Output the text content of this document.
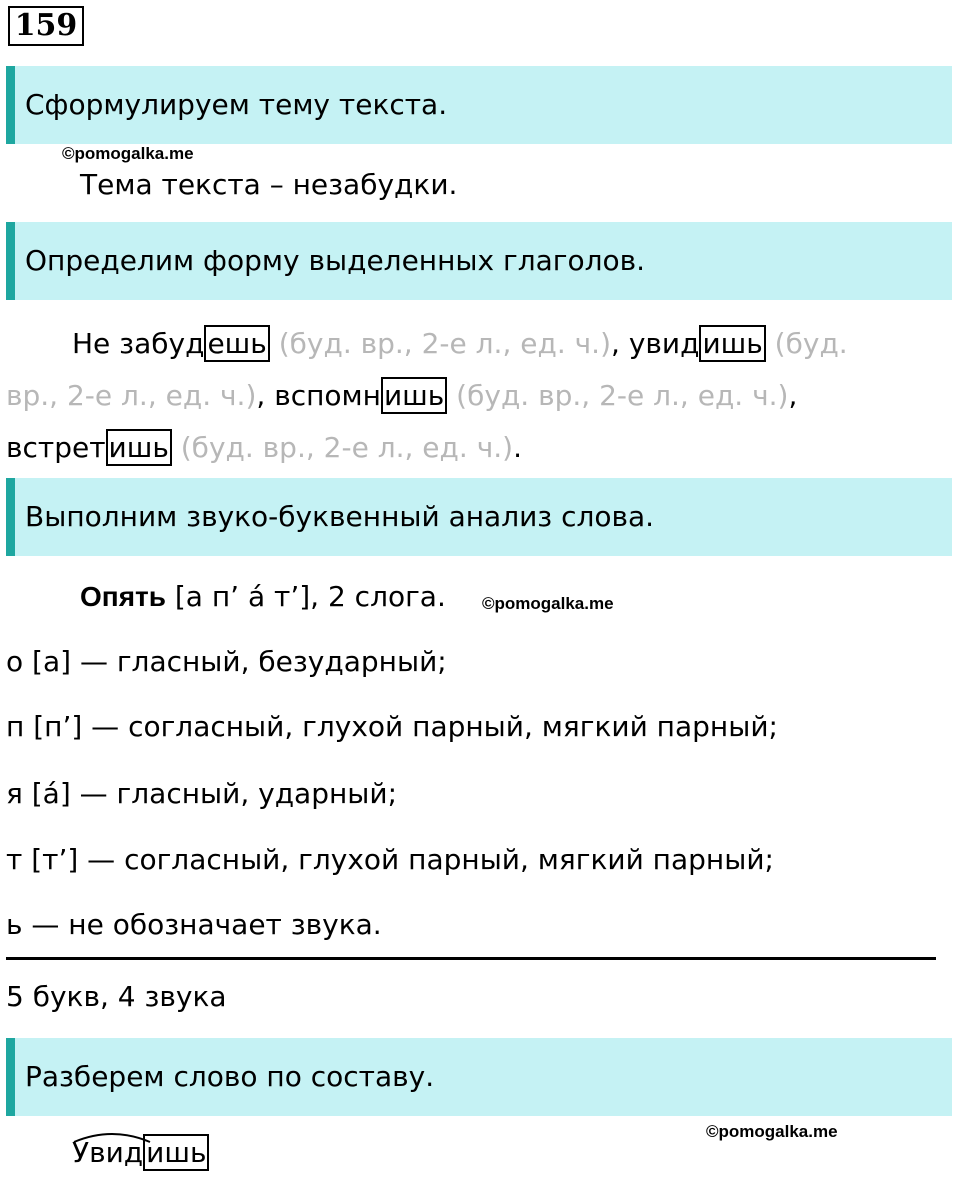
159
Сформулируем тему текста.
©pomogalka.me
Тема текста – незабудки.
Определим форму выделенных глаголов.
Не забуд ешь (буд. вр., 2-е л., ед. ч.), увид ишь (буд. вр., 2-е л., ед. ч.), вспомн ишь (буд. вр., 2-е л., ед. ч.), встрет ишь (буд. вр., 2-е л., ед. ч.).
Выполним звуко-буквенный анализ слова.
Опять [а п’ а́ т’], 2 слога. ©pomogalka.me
о [а] — гласный, безударный;
п [п’] — согласный, глухой парный, мягкий парный;
я [а́] — гласный, ударный;
т [т’] — согласный, глухой парный, мягкий парный;
ь — не обозначает звука.
5 букв, 4 звука
Разберем слово по составу.
©pomogalka.me
Увид ишь
